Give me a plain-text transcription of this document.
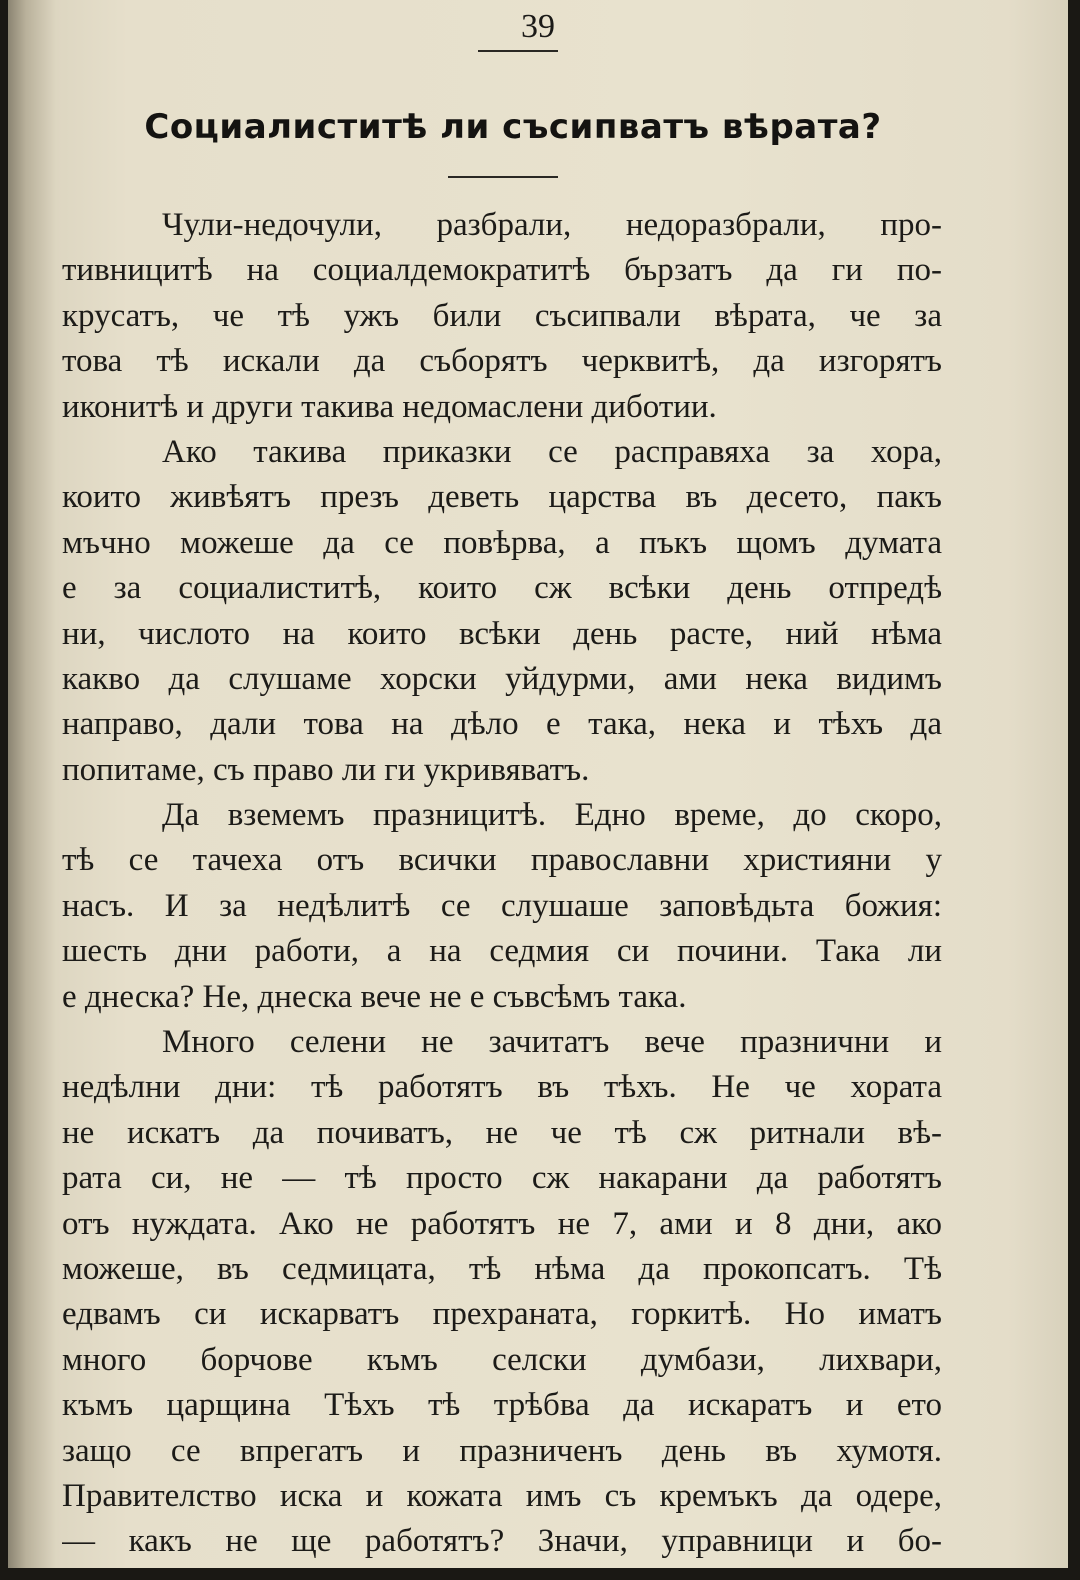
39
Социалиститѣ ли съсипватъ вѣрата?
Чули-недочули, разбрали, недоразбрали, про-
тивницитѣ на социалдемократитѣ бързатъ да ги по-
крусатъ, че тѣ ужъ били съсипвали вѣрата, че за
това тѣ искали да съборятъ черквитѣ, да изгорятъ
иконитѣ и други такива недомаслени диботии.
Ако такива приказки се расправяха за хора,
които живѣятъ презъ деветь царства въ десето, пакъ
мъчно можеше да се повѣрва, а пъкъ щомъ думата
е за социалиститѣ, които сж всѣки день отпредѣ
ни, числото на които всѣки день расте, ний нѣма
какво да слушаме хорски уйдурми, ами нека видимъ
направо, дали това на дѣло е така, нека и тѣхъ да
попитаме, съ право ли ги укривяватъ.
Да вземемъ празницитѣ. Едно време, до скоро,
тѣ се тачеха отъ всички православни християни у
насъ. И за недѣлитѣ се слушаше заповѣдьта божия:
шесть дни работи, а на седмия си почини. Така ли
е днеска? Не, днеска вече не е съвсѣмъ така.
Много селени не зачитатъ вече празнични и
недѣлни дни: тѣ работятъ въ тѣхъ. Не че хората
не искатъ да почиватъ, не че тѣ сж ритнали вѣ-
рата си, не — тѣ просто сж накарани да работятъ
отъ нуждата. Ако не работятъ не 7, ами и 8 дни, ако
можеше, въ седмицата, тѣ нѣма да прокопсатъ. Тѣ
едвамъ си искарватъ прехраната, горкитѣ. Но иматъ
много борчове къмъ селски думбази, лихвари,
къмъ царщина Тѣхъ тѣ трѣбва да искаратъ и ето
защо се впрегатъ и празниченъ день въ хумотя.
Правителство иска и кожата имъ съ кремъкъ да одере,
— какъ не ще работятъ? Значи, управници и бо-
